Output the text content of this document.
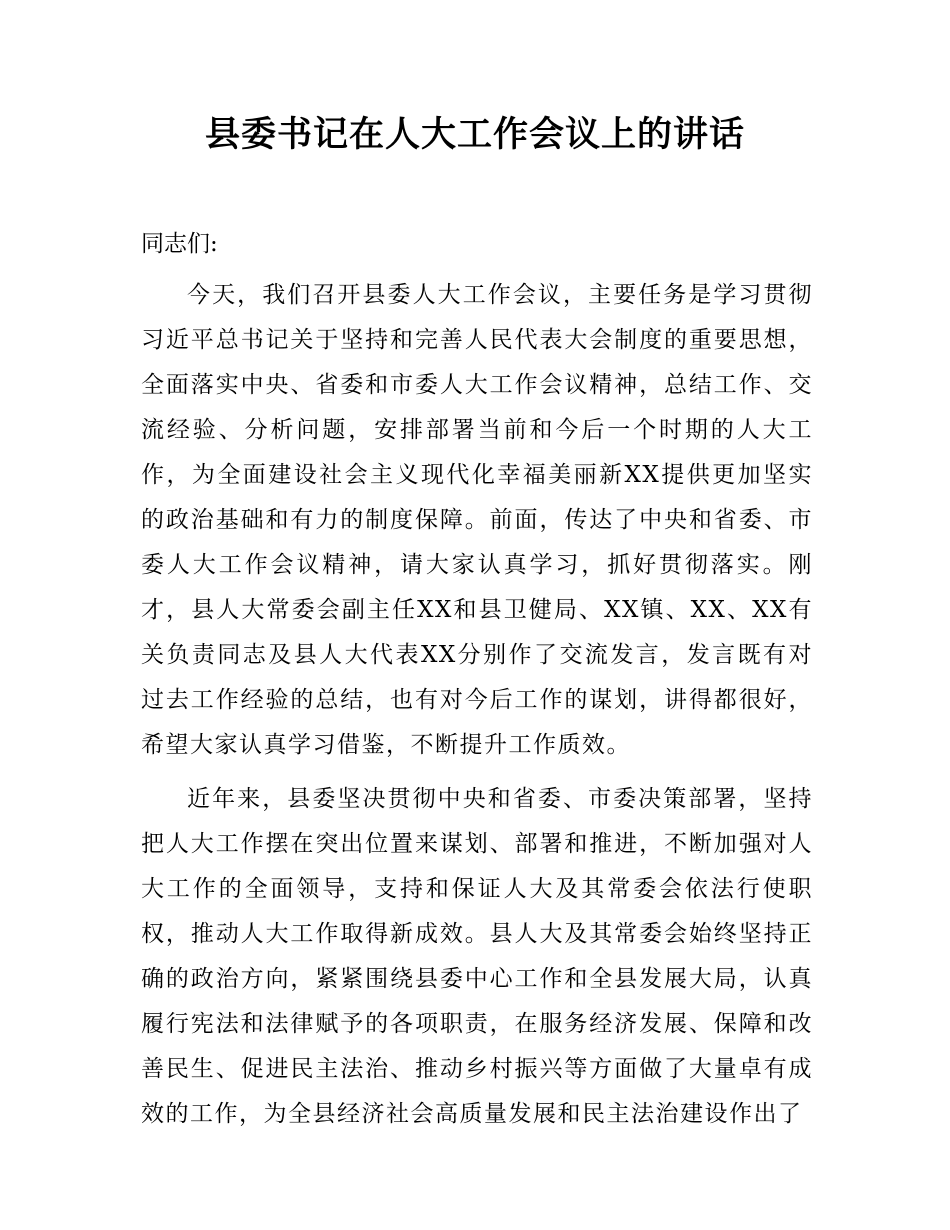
县委书记在人大工作会议上的讲话

同志们:

今天，我们召开县委人大工作会议，主要任务是学习贯彻习近平总书记关于坚持和完善人民代表大会制度的重要思想，全面落实中央、省委和市委人大工作会议精神，总结工作、交流经验、分析问题，安排部署当前和今后一个时期的人大工作，为全面建设社会主义现代化幸福美丽新XX提供更加坚实的政治基础和有力的制度保障。前面，传达了中央和省委、市委人大工作会议精神，请大家认真学习，抓好贯彻落实。刚才，县人大常委会副主任XX和县卫健局、XX镇、XX、XX有关负责同志及县人大代表XX分别作了交流发言，发言既有对过去工作经验的总结，也有对今后工作的谋划，讲得都很好，希望大家认真学习借鉴，不断提升工作质效。

近年来，县委坚决贯彻中央和省委、市委决策部署，坚持把人大工作摆在突出位置来谋划、部署和推进，不断加强对人大工作的全面领导，支持和保证人大及其常委会依法行使职权，推动人大工作取得新成效。县人大及其常委会始终坚持正确的政治方向，紧紧围绕县委中心工作和全县发展大局，认真履行宪法和法律赋予的各项职责，在服务经济发展、保障和改善民生、促进民主法治、推动乡村振兴等方面做了大量卓有成效的工作，为全县经济社会高质量发展和民主法治建设作出了
